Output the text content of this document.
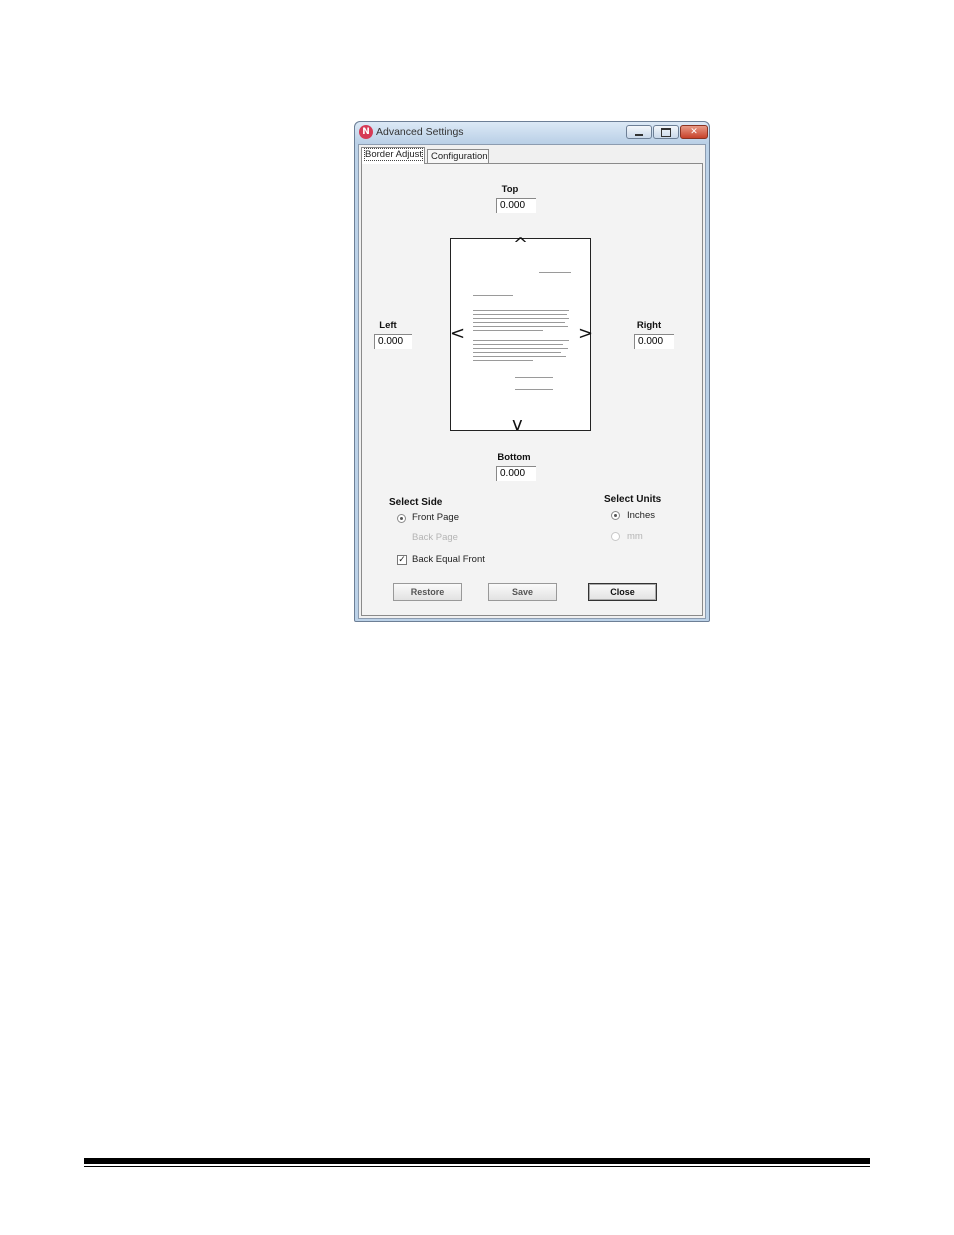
N Advanced Settings	✕
Border Adjust Configuration
Top
0.000
Left
0.000
Right
0.000
Bottom
0.000
^
v
<	>
Select Side
Front Page
Back Page
✓ Back Equal Front
Select Units
Inches
mm
Restore	Save	Close
